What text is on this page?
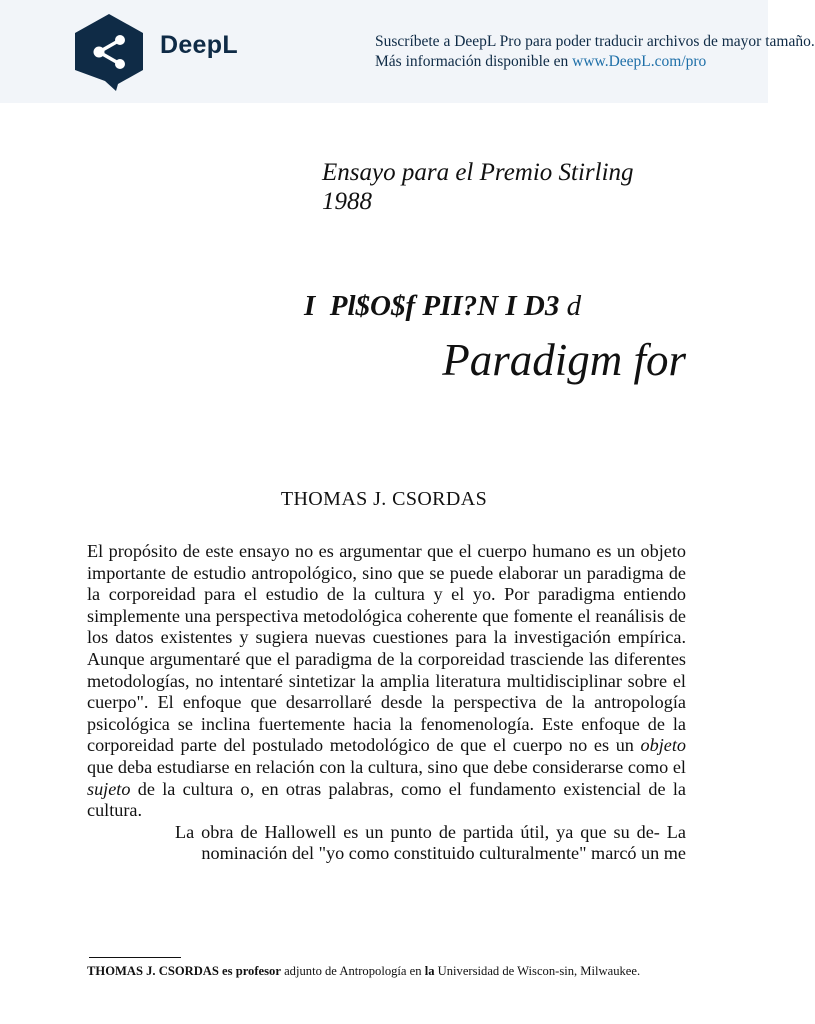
DeepL	Suscríbete a DeepL Pro para poder traducir archivos de mayor tamaño.
Más información disponible en www.DeepL.com/pro
Ensayo para el Premio Stirling
1988
I  Pl$O$f PII?N I D3 d
Paradigm for
THOMAS J. CSORDAS

El propósito de este ensayo no es argumentar que el cuerpo humano es un objeto importante de estudio antropológico, sino que se puede elaborar un paradigma de la corporeidad para el estudio de la cultura y el yo. Por paradigma entiendo simplemente una perspectiva metodológica coherente que fomente el reanálisis de los datos existentes y sugiera nuevas cuestiones para la investigación empírica. Aunque argumentaré que el paradigma de la corporeidad trasciende las diferentes metodologías, no intentaré sintetizar la amplia literatura multidisciplinar sobre el cuerpo". El enfoque que desarrollaré desde la perspectiva de la antropología psicológica se inclina fuertemente hacia la fenomenología. Este enfoque de la corporeidad parte del postulado metodológico de que el cuerpo no es un objeto que deba estudiarse en relación con la cultura, sino que debe considerarse como el sujeto de la cultura o, en otras palabras, como el fundamento existencial de la cultura.

La obra de Hallowell es un punto de partida útil, ya que su de- La nominación del "yo como constituido culturalmente" marcó un me

THOMAS J. CSORDAS es profesor adjunto de Antropología en la Universidad de Wiscon-sin, Milwaukee.
